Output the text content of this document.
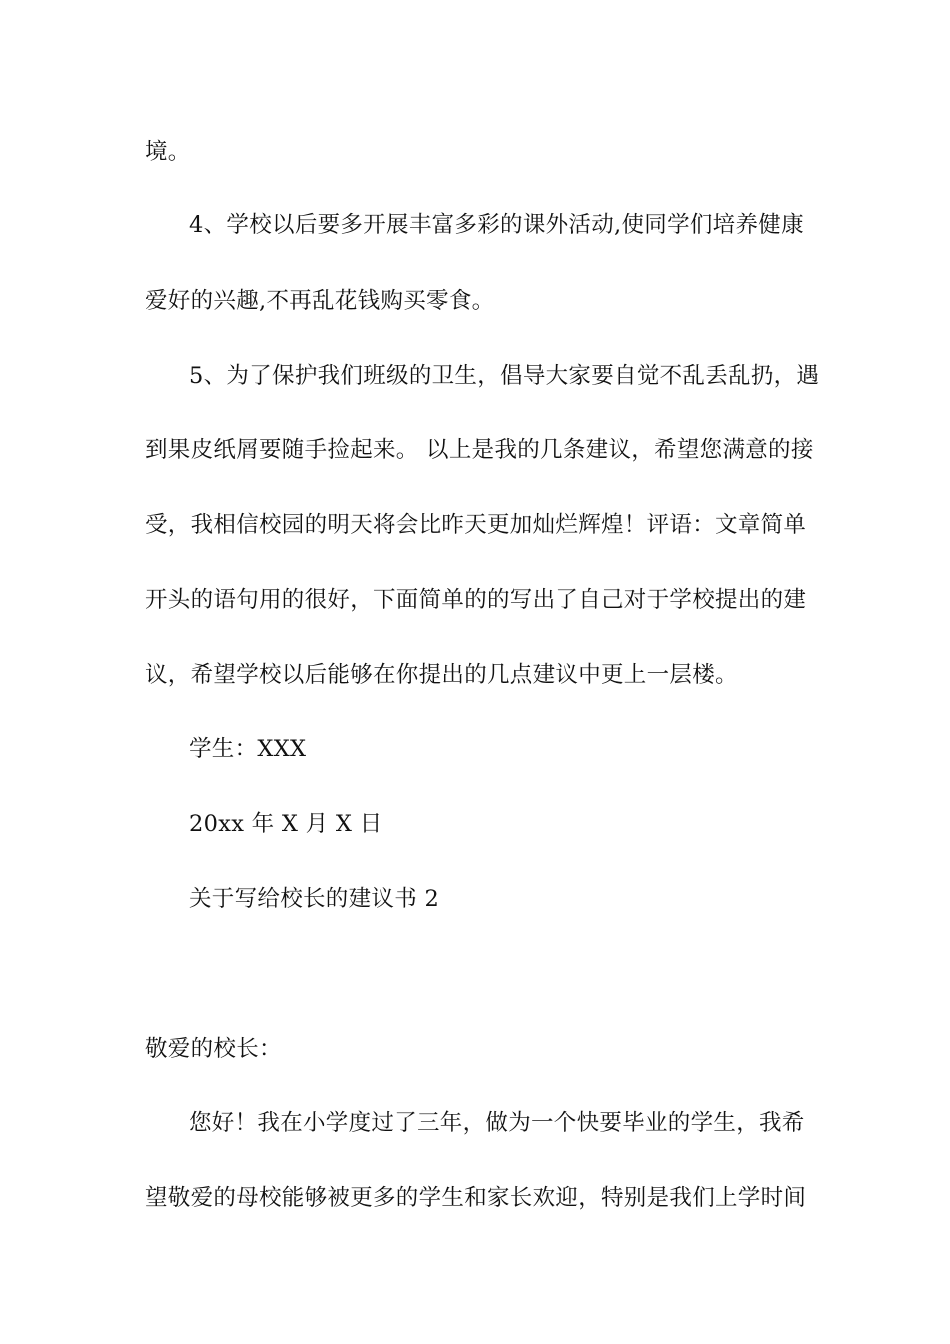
境。
4、学校以后要多开展丰富多彩的课外活动,使同学们培养健康
爱好的兴趣,不再乱花钱购买零食。
5、为了保护我们班级的卫生，倡导大家要自觉不乱丢乱扔，遇
到果皮纸屑要随手捡起来。 以上是我的几条建议，希望您满意的接
受，我相信校园的明天将会比昨天更加灿烂辉煌！评语：文章简单
开头的语句用的很好，下面简单的的写出了自己对于学校提出的建
议，希望学校以后能够在你提出的几点建议中更上一层楼。
学生：XXX
20xx 年 X 月 X 日
关于写给校长的建议书 2
敬爱的校长：
您好！我在小学度过了三年，做为一个快要毕业的学生，我希
望敬爱的母校能够被更多的学生和家长欢迎，特别是我们上学时间
